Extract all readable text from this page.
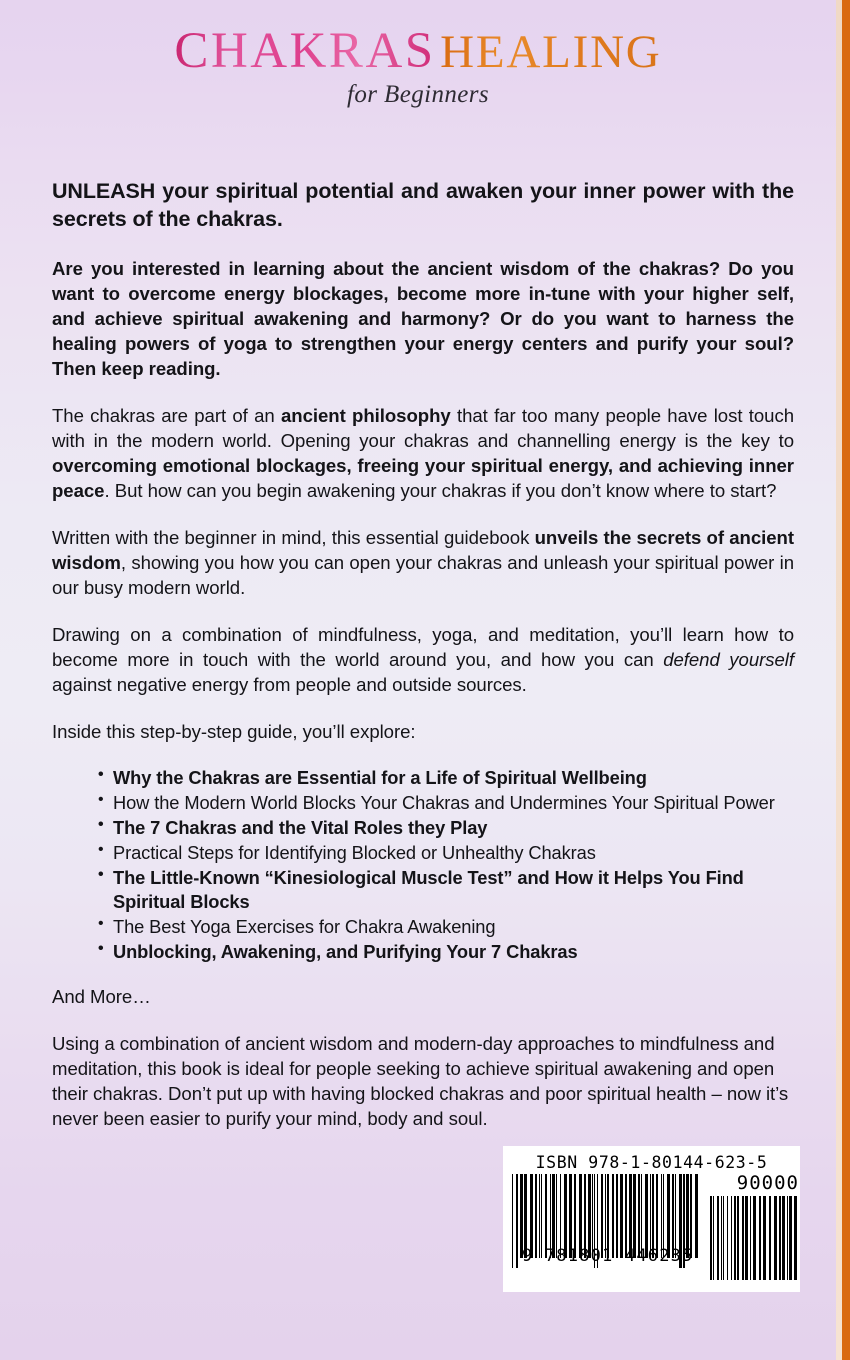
CHAKRAS HEALING
for Beginners
UNLEASH your spiritual potential and awaken your inner power with the secrets of the chakras.

Are you interested in learning about the ancient wisdom of the chakras? Do you want to overcome energy blockages, become more in-tune with your higher self, and achieve spiritual awakening and harmony? Or do you want to harness the healing powers of yoga to strengthen your energy centers and purify your soul? Then keep reading.

The chakras are part of an ancient philosophy that far too many people have lost touch with in the modern world. Opening your chakras and channelling energy is the key to overcoming emotional blockages, freeing your spiritual energy, and achieving inner peace. But how can you begin awakening your chakras if you don’t know where to start?

Written with the beginner in mind, this essential guidebook unveils the secrets of ancient wisdom, showing you how you can open your chakras and unleash your spiritual power in our busy modern world.

Drawing on a combination of mindfulness, yoga, and meditation, you’ll learn how to become more in touch with the world around you, and how you can defend yourself against negative energy from people and outside sources.

Inside this step-by-step guide, you’ll explore:

• Why the Chakras are Essential for a Life of Spiritual Wellbeing
• How the Modern World Blocks Your Chakras and Undermines Your Spiritual Power
• The 7 Chakras and the Vital Roles they Play
• Practical Steps for Identifying Blocked or Unhealthy Chakras
• The Little-Known “Kinesiological Muscle Test” and How it Helps You Find Spiritual Blocks
• The Best Yoga Exercises for Chakra Awakening
• Unblocking, Awakening, and Purifying Your 7 Chakras

And More…

Using a combination of ancient wisdom and modern-day approaches to mindfulness and meditation, this book is ideal for people seeking to achieve spiritual awakening and open their chakras. Don’t put up with having blocked chakras and poor spiritual health – now it’s never been easier to purify your mind, body and soul.

ISBN 978-1-80144-623-5
9 781801 446235
90000
